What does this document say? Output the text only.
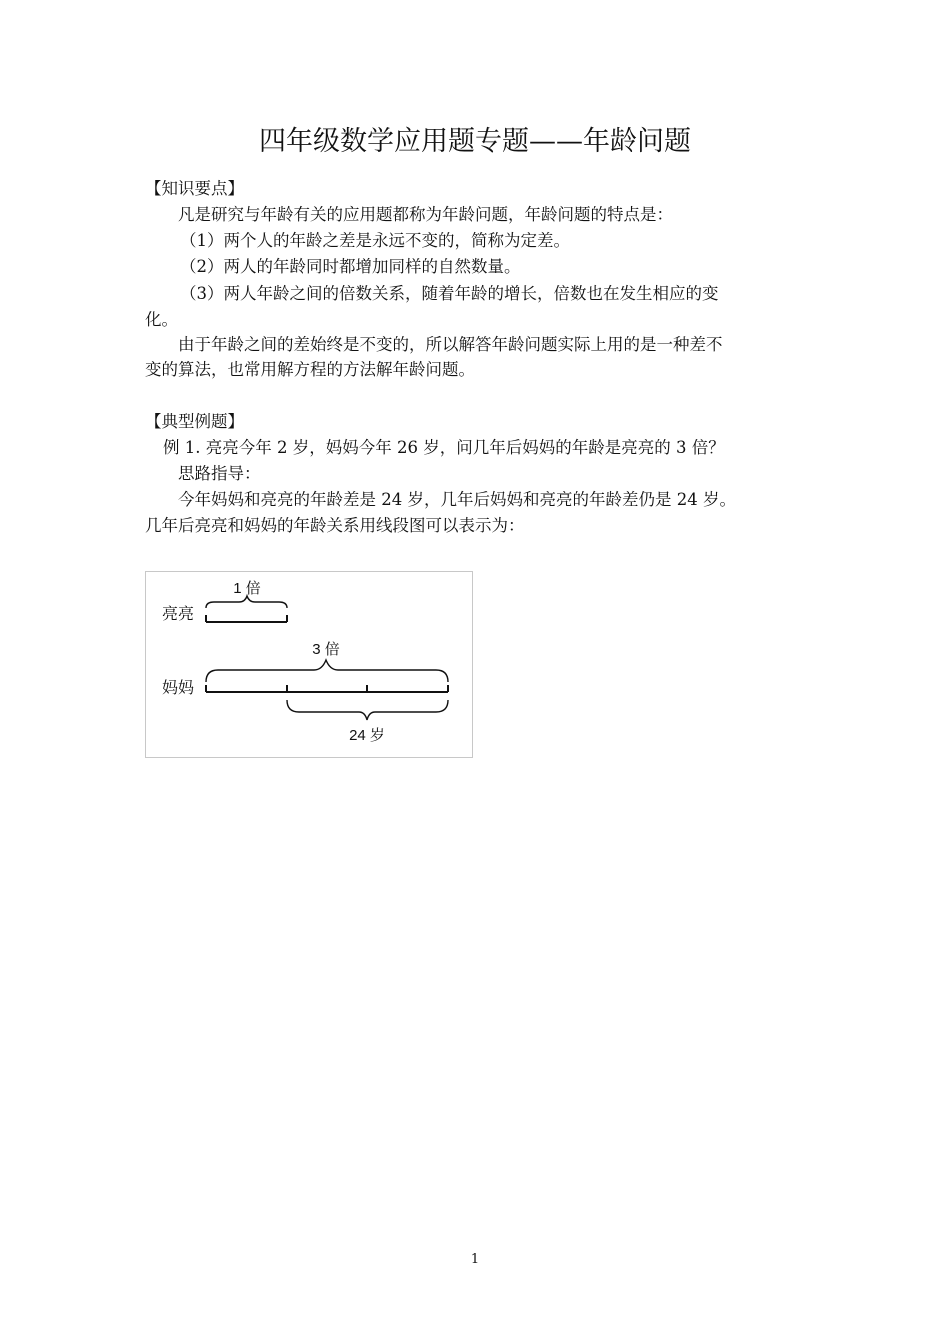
四年级数学应用题专题——年龄问题
【知识要点】
凡是研究与年龄有关的应用题都称为年龄问题，年龄问题的特点是：
（1）两个人的年龄之差是永远不变的，简称为定差。
（2）两人的年龄同时都增加同样的自然数量。
（3）两人年龄之间的倍数关系，随着年龄的增长，倍数也在发生相应的变
化。
由于年龄之间的差始终是不变的，所以解答年龄问题实际上用的是一种差不
变的算法，也常用解方程的方法解年龄问题。
【典型例题】
例 1. 亮亮今年 2 岁，妈妈今年 26 岁，问几年后妈妈的年龄是亮亮的 3 倍？
思路指导：
今年妈妈和亮亮的年龄差是 24 岁，几年后妈妈和亮亮的年龄差仍是 24 岁。
几年后亮亮和妈妈的年龄关系用线段图可以表示为：
亮亮
妈妈
1 倍
3 倍
24 岁
1
